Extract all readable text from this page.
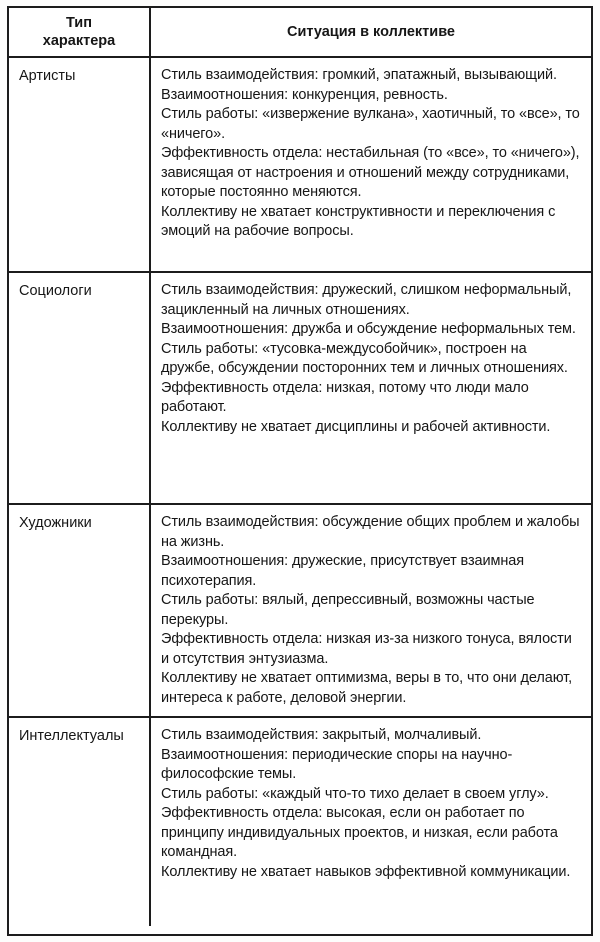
Тип характера
Ситуация в коллективе
Артисты	Стиль взаимодействия: громкий, эпатажный, вызывающий.
Взаимоотношения: конкуренция, ревность.
Стиль работы: «извержение вулкана», хаотичный, то «все», то «ничего».
Эффективность отдела: нестабильная (то «все», то «ничего»), зависящая от настроения и отношений между сотрудниками, которые постоянно меняются.
Коллективу не хватает конструктивности и переключения с эмоций на рабочие вопросы.
Социологи	Стиль взаимодействия: дружеский, слишком неформальный, зацикленный на личных отношениях.
Взаимоотношения: дружба и обсуждение неформальных тем.
Стиль работы: «тусовка-междусобойчик», построен на дружбе, обсуждении посторонних тем и личных отношениях.
Эффективность отдела: низкая, потому что люди мало работают.
Коллективу не хватает дисциплины и рабочей активности.
Художники	Стиль взаимодействия: обсуждение общих проблем и жалобы на жизнь.
Взаимоотношения: дружеские, присутствует взаимная психотерапия.
Стиль работы: вялый, депрессивный, возможны частые перекуры.
Эффективность отдела: низкая из-за низкого тонуса, вялости и отсутствия энтузиазма.
Коллективу не хватает оптимизма, веры в то, что они делают, интереса к работе, деловой энергии.
Интеллектуалы	Стиль взаимодействия: закрытый, молчаливый.
Взаимоотношения: периодические споры на научно-философские темы.
Стиль работы: «каждый что-то тихо делает в своем углу».
Эффективность отдела: высокая, если он работает по принципу индивидуальных проектов, и низкая, если работа командная.
Коллективу не хватает навыков эффективной коммуникации.
